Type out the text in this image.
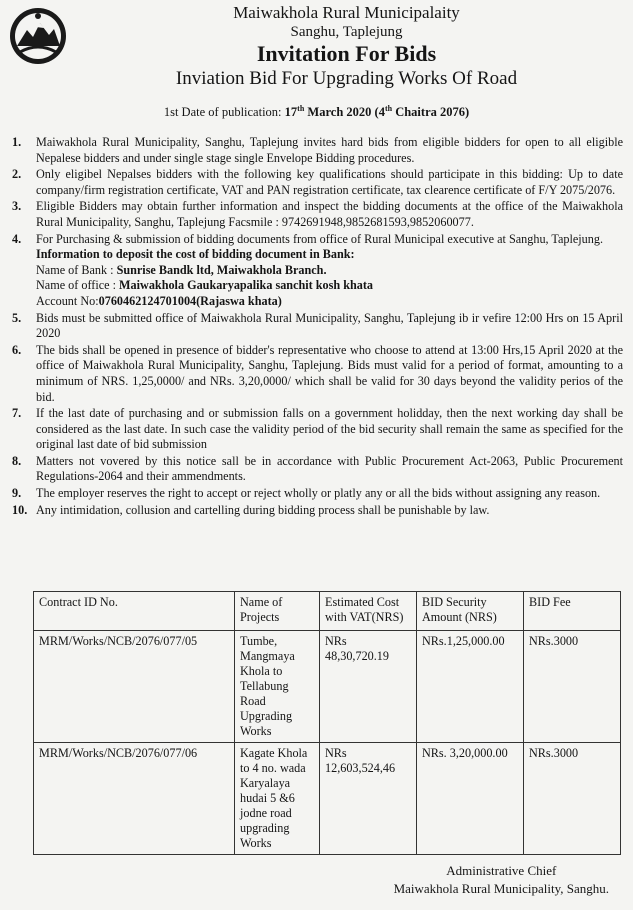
Maiwakhola Rural Municipalaity
Sanghu, Taplejung
Invitation For Bids
Inviation Bid For Upgrading Works Of Road
1st Date of publication: 17th March 2020 (4th Chaitra 2076)
1. Maiwakhola Rural Municipality, Sanghu, Taplejung invites hard bids from eligible bidders for open to all eligible Nepalese bidders and under single stage single Envelope Bidding procedures.
2. Only eligibel Nepalses bidders with the following key qualifications should participate in this bidding: Up to date company/firm registration certificate, VAT and PAN registration certificate, tax clearence certificate of F/Y 2075/2076.
3. Eligible Bidders may obtain further information and inspect the bidding documents at the office of the Maiwakhola Rural Municipality, Sanghu, Taplejung Facsmile : 9742691948,9852681593,9852060077.
4. For Purchasing & submission of bidding documents from office of Rural Municipal executive at Sanghu, Taplejung.
Information to deposit the cost of bidding document in Bank:
Name of Bank : Sunrise Bandk ltd, Maiwakhola Branch.
Name of office : Maiwakhola Gaukaryapalika sanchit kosh khata
Account No:0760462124701004(Rajaswa khata)
5. Bids must be submitted office of Maiwakhola Rural Municipality, Sanghu, Taplejung ib ir vefire 12:00 Hrs on 15 April 2020
6. The bids shall be opened in presence of bidder's representative who choose to attend at 13:00 Hrs,15 April 2020 at the office of Maiwakhola Rural Municipality, Sanghu, Taplejung. Bids must valid for a period of format, amounting to a minimum of NRS. 1,25,0000/ and NRs. 3,20,0000/ which shall be valid for 30 days beyond the validity perios of the bid.
7. If the last date of purchasing and or submission falls on a government holidday, then the next working day shall be considered as the last date. In such case the validity period of the bid security shall remain the same as specified for the original last date of bid submission
8. Matters not vovered by this notice sall be in accordance with Public Procurement Act-2063, Public Procurement Regulations-2064 and their ammendments.
9. The employer reserves the right to accept or reject wholly or platly any or all the bids without assigning any reason.
10. Any intimidation, collusion and cartelling during bidding process shall be punishable by law.
Contract ID No.	Name of Projects	Estimated Cost with VAT(NRS)	BID Security Amount (NRS)	BID Fee
MRM/Works/NCB/2076/077/05	Tumbe, Mangmaya Khola to Tellabung Road Upgrading Works	NRs 48,30,720.19	NRs.1,25,000.00	NRs.3000
MRM/Works/NCB/2076/077/06	Kagate Khola to 4 no. wada Karyalaya hudai 5 &6 jodne road upgrading Works	NRs 12,603,524,46	NRs. 3,20,000.00	NRs.3000
Administrative Chief
Maiwakhola Rural Municipality, Sanghu.
